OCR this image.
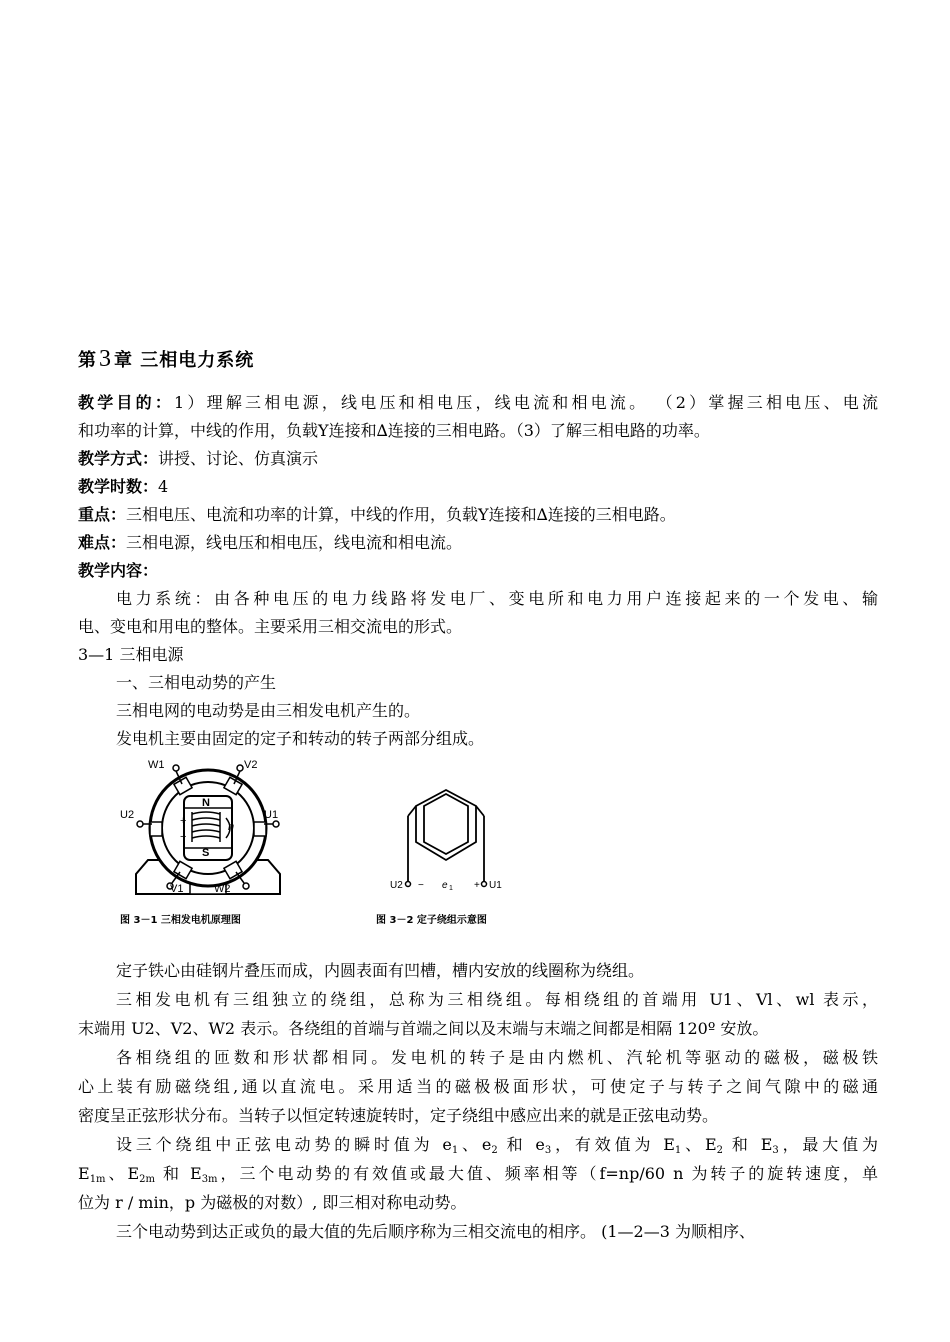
第3 章 三相电力系统
教学目的：1）理解三相电源，线电压和相电压，线电流和相电流。 （2）掌握三相电压、电流
和功率的计算，中线的作用，负载Y连接和∆连接的三相电路。（3）了解三相电路的功率。
教学方式：讲授、讨论、仿真演示
教学时数：4
重点：三相电压、电流和功率的计算，中线的作用，负载Y连接和∆连接的三相电路。
难点：三相电源，线电压和相电压，线电流和相电流。
教学内容：
电力系统：由各种电压的电力线路将发电厂、变电所和电力用户连接起来的一个发电、输
电、变电和用电的整体。主要采用三相交流电的形式。
3—1 三相电源
一、三相电动势的产生
三相电网的电动势是由三相发电机产生的。
发电机主要由固定的定子和转动的转子两部分组成。
W1	V2
U2	U1
V1	W2
N
S
n
+
−
图 3－1 三相发电机原理图
U2 − e 1 + U1
图 3－2 定子绕组示意图
定子铁心由硅钢片叠压而成，内圆表面有凹槽，槽内安放的线圈称为绕组。
三相发电机有三组独立的绕组，总称为三相绕组。每相绕组的首端用 U1、Vl、wl 表示，
末端用 U2、V2、W2 表示。各绕组的首端与首端之间以及末端与末端之间都是相隔 120º 安放。
各相绕组的匝数和形状都相同。发电机的转子是由内燃机、汽轮机等驱动的磁极，磁极铁
心上装有励磁绕组,通以直流电。采用适当的磁极极面形状，可使定子与转子之间气隙中的磁通
密度呈正弦形状分布。当转子以恒定转速旋转时，定子绕组中感应出来的就是正弦电动势。
设三个绕组中正弦电动势的瞬时值为 $e_1$、$e_2$ 和 $e_3$，有效值为 $E_1$、$E_2$ 和 $E_3$，最大值为
$E_{1m}$、$E_{2m}$ 和 $E_{3m}$，三个电动势的有效值或最大值、频率相等（f=np/60 n 为转子的旋转速度，单
位为 r / min，p 为磁极的对数）, 即三相对称电动势。
三个电动势到达正或负的最大值的先后顺序称为三相交流电的相序。 (1—2—3 为顺相序、
